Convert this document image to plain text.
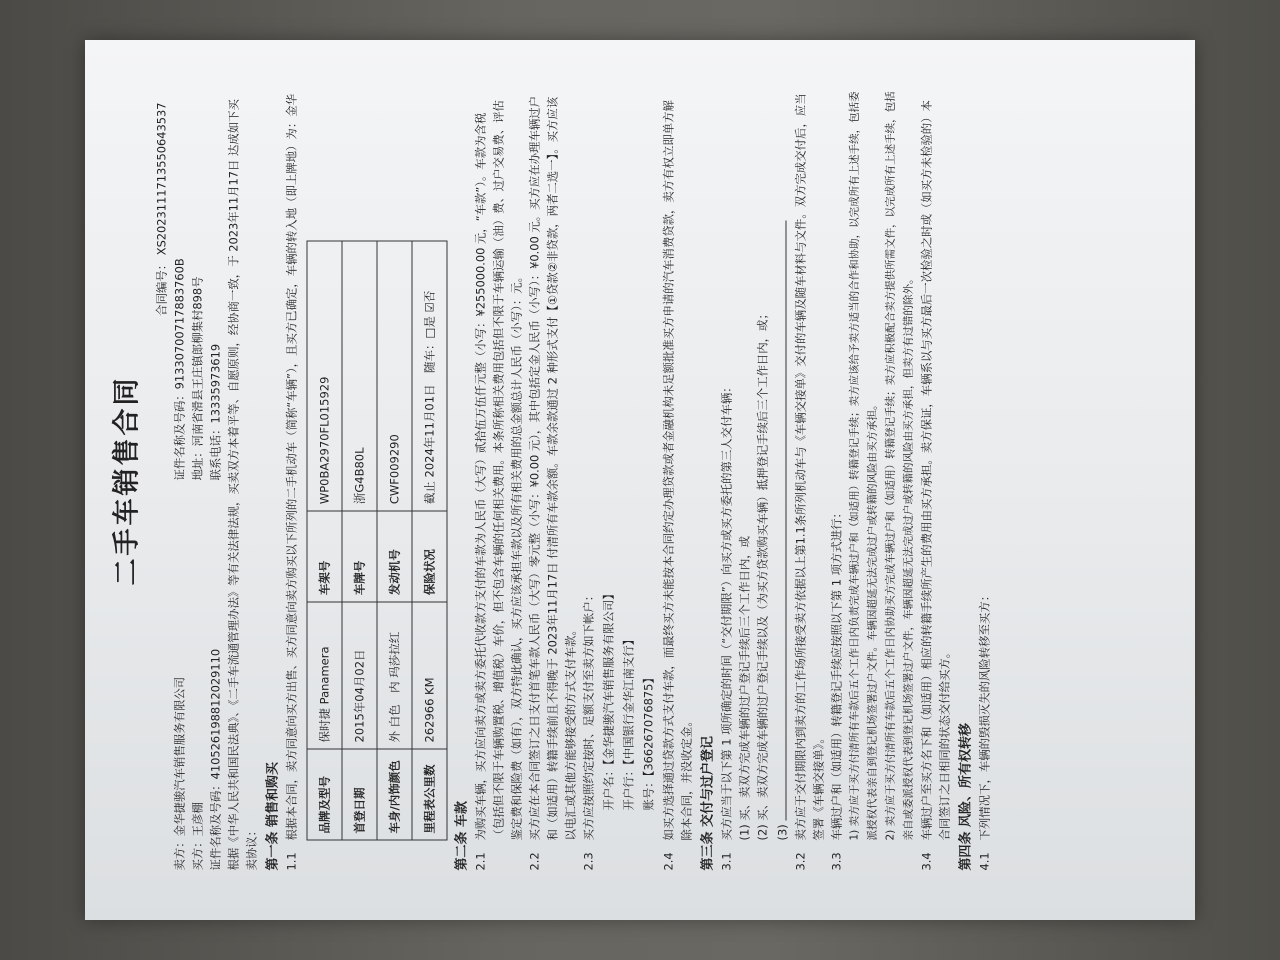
二手车销售合同
合同编号： XS20231117135506435​37
卖方：金华捷骏汽车销售服务有限公司
证件名称及号码：913307007178837​60B
买方：王彦棚
地址：河南省滑县王庄镇郎柳集村898号
证件名称及号码：410526198812029110
联系电话：13335973619 根据《中华人民共和国民法典》、《二手车流通管理办法》等有关法律法规，买卖双方本着平等、自愿原则，经协商一致，于 2023年11月17日 达成如下买卖协议： 第一条 销售和购买 1.1
根据本合同，卖方同意向买方出售、买方同意向卖方购买以下所列的二手机动车（简称“车辆”），且买方已确定，车辆的转入地（即上牌地）为：金华 品牌及型号	保时捷 Panamera	车架号	WP0BA2970FL015929
首登日期	2015年04月02日	车牌号	浙G4B80L
车身/内饰颜色	外 白色　内 玛莎拉红	发动机号	CWF009290
里程表公里数	262966 KM	保险状况	截止 2024年11月01日　随车：□是 ☑否
第二条 车款 2.1
为购买车辆，买方应向卖方或卖方委托代收款方支付的车款为人民币（大写）贰拾伍万伍仟元整（小写：¥255000.00 元，“车款”）。车款为含税（包括但不限于车辆购置税、增值税）车价，但不包含车辆的任何相关费用。本条所称相关费用包括但不限于车辆运输（油）费、过户交易费、评估鉴定费和保险费（如有），双方特此确认，买方应该承担车款以及所有相关费用的总金额总计人民币（小写）：元。
2.2
买方应在本合同签订之日支付首笔车款人民币（大写）零元整（小写：¥0.00 元），其中包括定金人民币（小写）：¥0.00 元。买方应在办理车辆过户和（如适用）转籍手续前且不得晚于 2023年11月17日 付清所有车款余额。车款余款通过 2 种形式支付【①贷款②非贷款，两者二选一】。买方应该以电汇或其他方能够接受的方式支付车款。
2.3
买方应按照约定按时、足额支付至卖方如下帐户： 开户名：【金华捷骏汽车销售服务有限公司】 开户行：【中国银行金华江南支行】 账号：【366267076875】
2.4
如买方选择通过贷款方式支付车款，而最终买方未能按本合同约定办理贷款或者金融机构未足额批准买方申请的汽车消费贷款，卖方有权立即单方解除本合同，并没收定金。 第三条 交付与过户登记 3.1
买方应当于以下第 1 项所确定的时间（“交付期限”）向买方或买方委托的第三人交付车辆： (1) 买、卖双方完成车辆的过户登记手续后三个工作日内，或 (2) 买、卖双方完成车辆的过户登记手续以及（为买方贷款购买车辆）抵押登记手续后三个工作日内，或； (3)
3.2
卖方应于交付期限内到卖方的工作场所接受卖方依据以上第1.1条所列机动车与《车辆交接单》交付的车辆及随车材料与文件。双方完成交付后，应当签署《车辆交接单》。
3.3
车辆过户和（如适用）转籍登记手续应按照以下第 1 项方式进行： 1) 卖方应于买方付清所有车款后五个工作日内负责完成车辆过户和（如适用）转籍登记手续；卖方应该给予卖方适当的合作和协助，以完成所有上述手续，包括委派授权代表亲自到登记机场签署过户文件。车辆因超延无法完成过户或转籍的风险由买方承担。 2) 卖方应于买方付清所有车款后五个工作日内协助买方完成车辆过户和（如适用）转籍登记手续；卖方应积极配合卖方提供所需文件，以完成所有上述手续，包括亲自或委派授权代表到登记机场签署过户文件，车辆因超延无法完成过户或转籍的风险由买方承担，但卖方有过错的除外。
3.4
车辆过户至买方名下和（如适用）相应的转籍手续所产生的费用由买方承担。卖方保证，车辆系以与买方最后一次检验之时或（如买方未检验的）本合同签订之日相同的状态交付给买方。 第四条 风险、所有权转移 4.1
下列情况下，车辆的毁损灭失的风险转移至买方：
